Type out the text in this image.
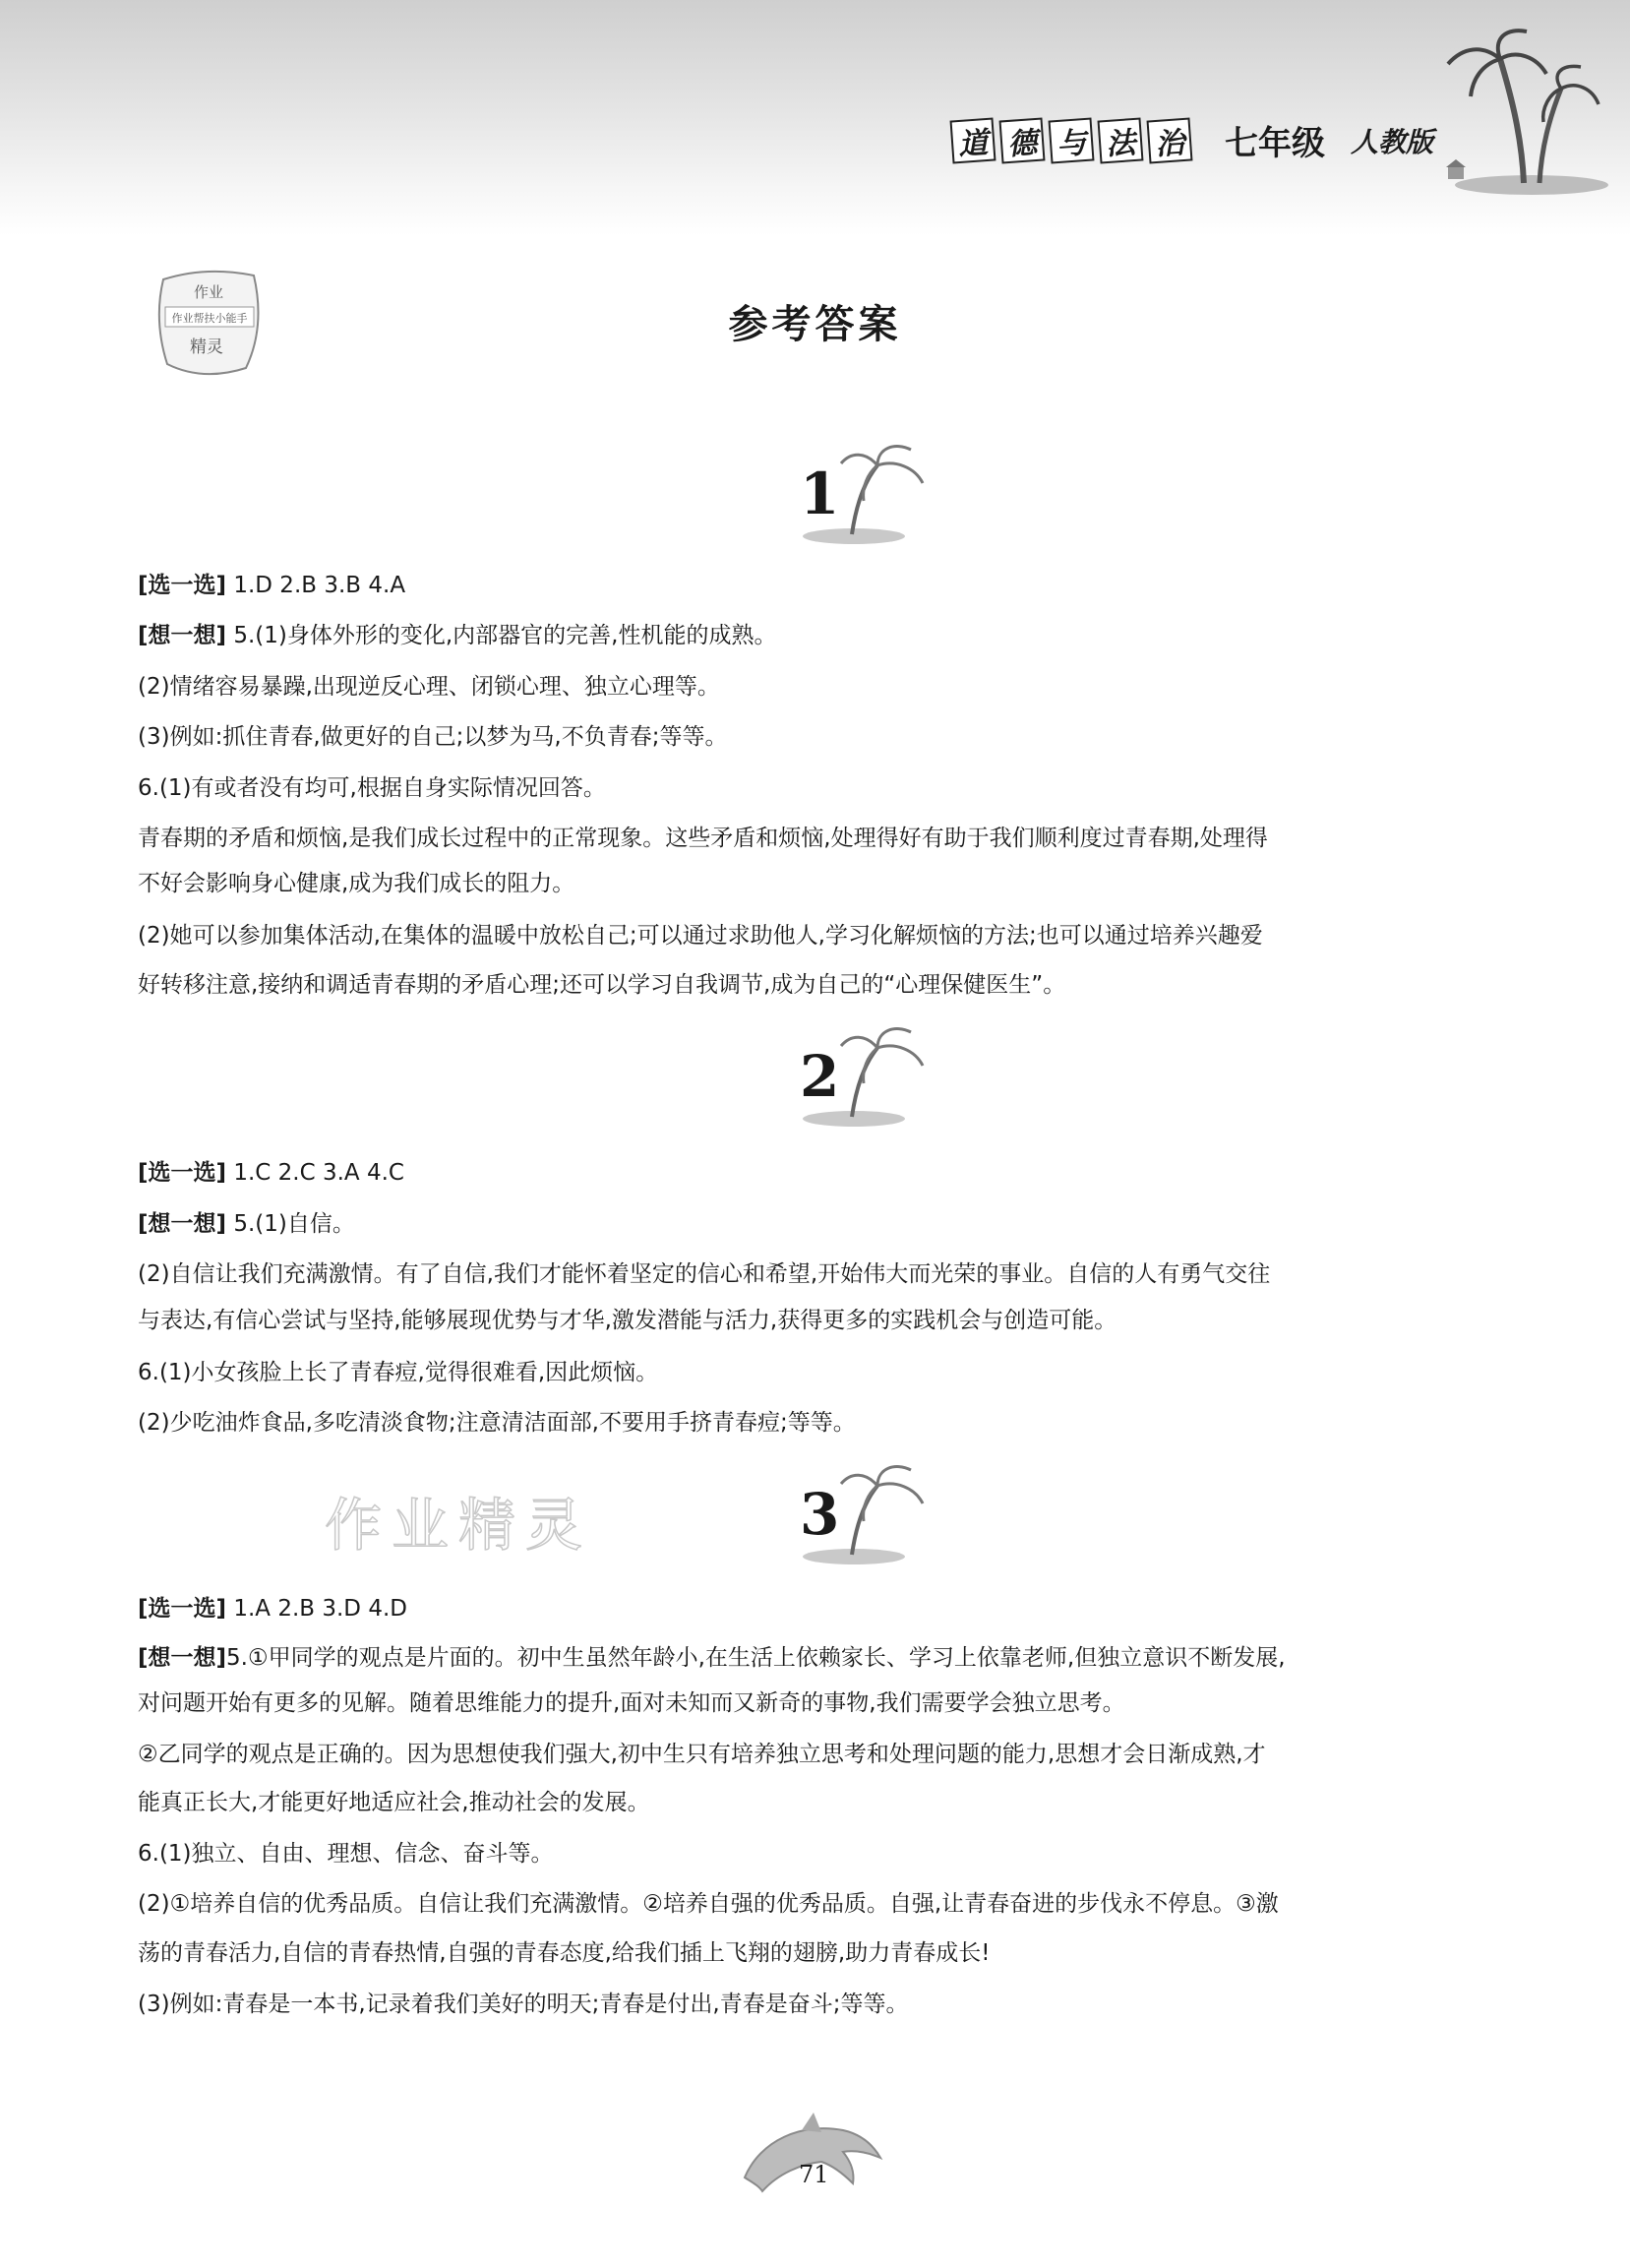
道 德 与 法 治 七年级 人教版
作业
作业帮扶小能手
精灵	参考答案
1
[选一选] 1.D 2.B 3.B 4.A
[想一想] 5.(1)身体外形的变化,内部器官的完善,性机能的成熟。
(2)情绪容易暴躁,出现逆反心理、闭锁心理、独立心理等。
(3)例如:抓住青春,做更好的自己;以梦为马,不负青春;等等。
6.(1)有或者没有均可,根据自身实际情况回答。
青春期的矛盾和烦恼,是我们成长过程中的正常现象。这些矛盾和烦恼,处理得好有助于我们顺利度过青春期,处理得
不好会影响身心健康,成为我们成长的阻力。
(2)她可以参加集体活动,在集体的温暖中放松自己;可以通过求助他人,学习化解烦恼的方法;也可以通过培养兴趣爱
好转移注意,接纳和调适青春期的矛盾心理;还可以学习自我调节,成为自己的“心理保健医生”。
2
[选一选] 1.C 2.C 3.A 4.C
[想一想] 5.(1)自信。
(2)自信让我们充满激情。有了自信,我们才能怀着坚定的信心和希望,开始伟大而光荣的事业。自信的人有勇气交往
与表达,有信心尝试与坚持,能够展现优势与才华,激发潜能与活力,获得更多的实践机会与创造可能。
6.(1)小女孩脸上长了青春痘,觉得很难看,因此烦恼。
(2)少吃油炸食品,多吃清淡食物;注意清洁面部,不要用手挤青春痘;等等。
作业精灵	3
[选一选] 1.A 2.B 3.D 4.D
[想一想]5.①甲同学的观点是片面的。初中生虽然年龄小,在生活上依赖家长、学习上依靠老师,但独立意识不断发展,
对问题开始有更多的见解。随着思维能力的提升,面对未知而又新奇的事物,我们需要学会独立思考。
②乙同学的观点是正确的。因为思想使我们强大,初中生只有培养独立思考和处理问题的能力,思想才会日渐成熟,才
能真正长大,才能更好地适应社会,推动社会的发展。
6.(1)独立、自由、理想、信念、奋斗等。
(2)①培养自信的优秀品质。自信让我们充满激情。②培养自强的优秀品质。自强,让青春奋进的步伐永不停息。③激
荡的青春活力,自信的青春热情,自强的青春态度,给我们插上飞翔的翅膀,助力青春成长!
(3)例如:青春是一本书,记录着我们美好的明天;青春是付出,青春是奋斗;等等。
71
